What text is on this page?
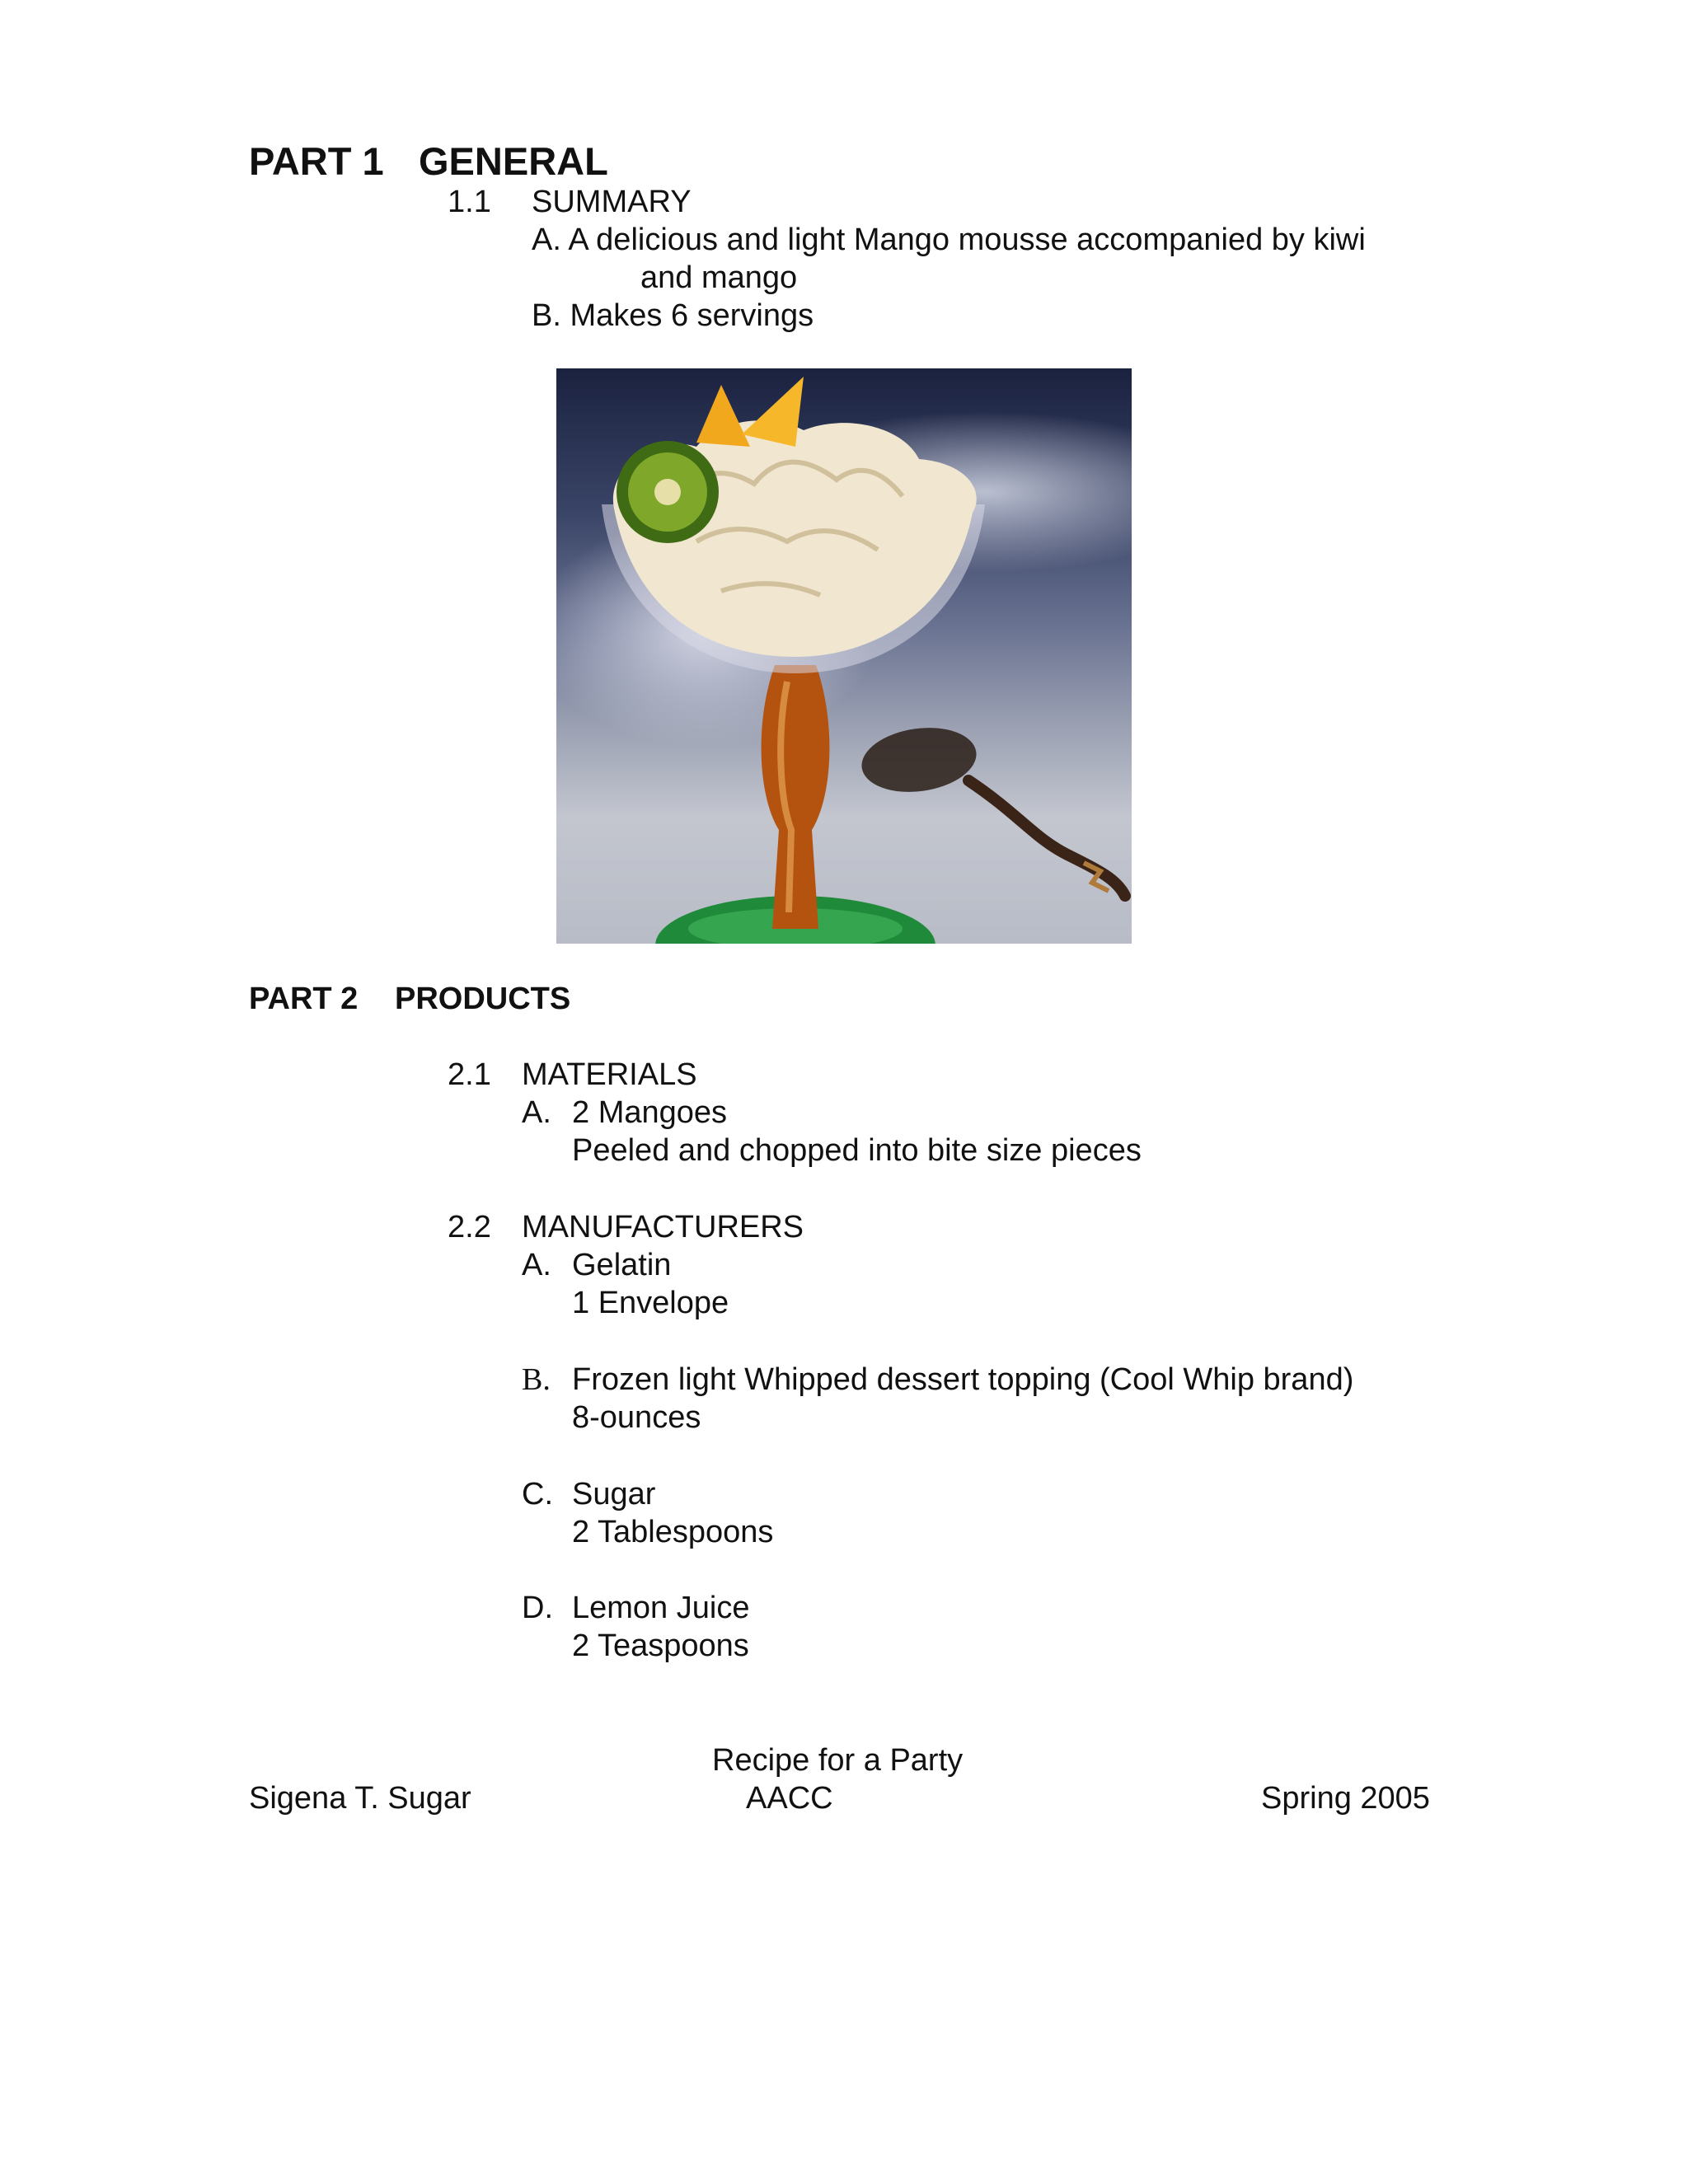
PART 1 GENERAL
1.1 SUMMARY
A. A delicious and light Mango mousse accompanied by kiwi
and mango
B. Makes 6 servings
PART 2 PRODUCTS
2.1 MATERIALS
A. 2 Mangoes
Peeled and chopped into bite size pieces
2.2 MANUFACTURERS
A. Gelatin
1 Envelope
B. Frozen light Whipped dessert topping (Cool Whip brand)
8-ounces
C. Sugar
2 Tablespoons
D. Lemon Juice
2 Teaspoons
Recipe for a Party
Sigena T. Sugar	AACC	Spring 2005
